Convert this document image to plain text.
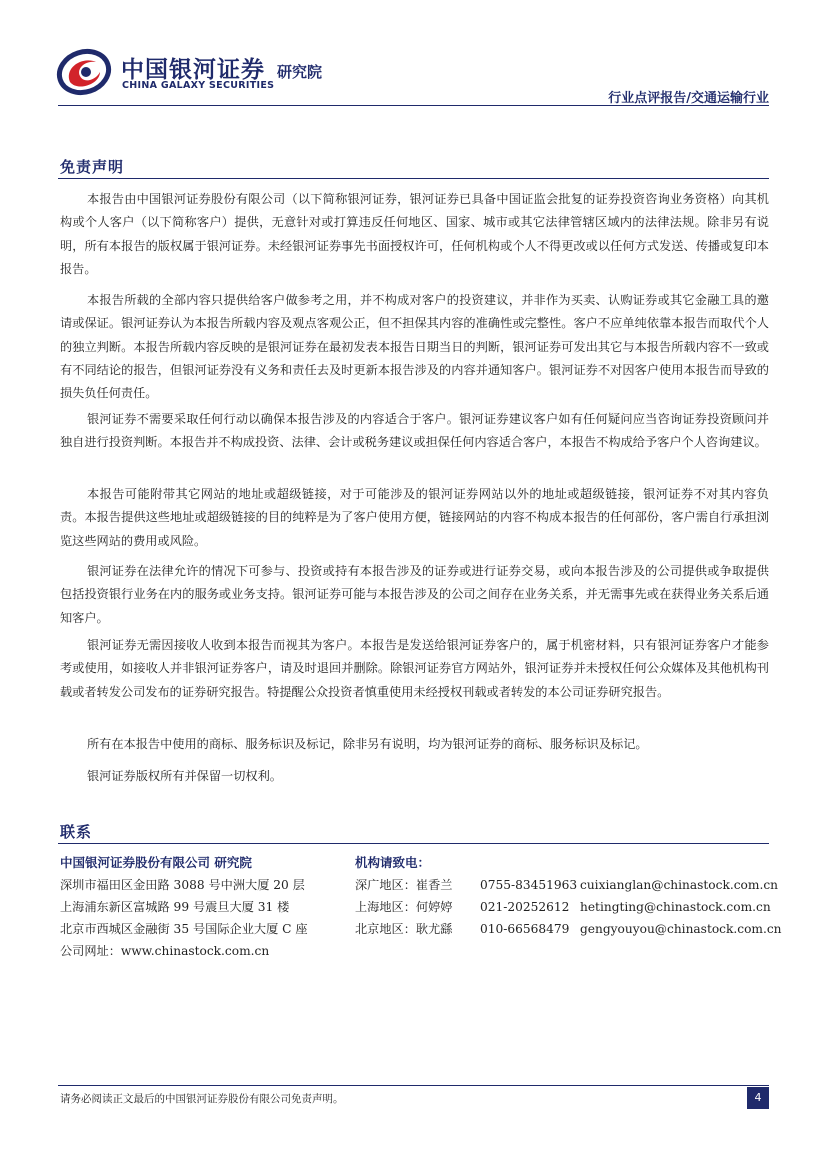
中国银河证券 研究院
CHINA GALAXY SECURITIES
行业点评报告/交通运输行业
免责声明

本报告由中国银河证券股份有限公司（以下简称银河证券，银河证券已具备中国证监会批复的证券投资咨询业务资格）向其机构或个人客户（以下简称客户）提供，无意针对或打算违反任何地区、国家、城市或其它法律管辖区域内的法律法规。除非另有说明，所有本报告的版权属于银河证券。未经银河证券事先书面授权许可，任何机构或个人不得更改或以任何方式发送、传播或复印本报告。

本报告所载的全部内容只提供给客户做参考之用，并不构成对客户的投资建议，并非作为买卖、认购证券或其它金融工具的邀请或保证。银河证券认为本报告所载内容及观点客观公正，但不担保其内容的准确性或完整性。客户不应单纯依靠本报告而取代个人的独立判断。本报告所载内容反映的是银河证券在最初发表本报告日期当日的判断，银河证券可发出其它与本报告所载内容不一致或有不同结论的报告，但银河证券没有义务和责任去及时更新本报告涉及的内容并通知客户。银河证券不对因客户使用本报告而导致的损失负任何责任。

银河证券不需要采取任何行动以确保本报告涉及的内容适合于客户。银河证券建议客户如有任何疑问应当咨询证券投资顾问并独自进行投资判断。本报告并不构成投资、法律、会计或税务建议或担保任何内容适合客户，本报告不构成给予客户个人咨询建议。

本报告可能附带其它网站的地址或超级链接，对于可能涉及的银河证券网站以外的地址或超级链接，银河证券不对其内容负责。本报告提供这些地址或超级链接的目的纯粹是为了客户使用方便，链接网站的内容不构成本报告的任何部份，客户需自行承担浏览这些网站的费用或风险。

银河证券在法律允许的情况下可参与、投资或持有本报告涉及的证券或进行证券交易，或向本报告涉及的公司提供或争取提供包括投资银行业务在内的服务或业务支持。银河证券可能与本报告涉及的公司之间存在业务关系，并无需事先或在获得业务关系后通知客户。

银河证券无需因接收人收到本报告而视其为客户。本报告是发送给银河证券客户的，属于机密材料，只有银河证券客户才能参考或使用，如接收人并非银河证券客户，请及时退回并删除。除银河证券官方网站外，银河证券并未授权任何公众媒体及其他机构刊载或者转发公司发布的证券研究报告。特提醒公众投资者慎重使用未经授权刊载或者转发的本公司证券研究报告。

所有在本报告中使用的商标、服务标识及标记，除非另有说明，均为银河证券的商标、服务标识及标记。

银河证券版权所有并保留一切权利。

联系
中国银河证券股份有限公司 研究院
深圳市福田区金田路 3088 号中洲大厦 20 层
上海浦东新区富城路 99 号震旦大厦 31 楼
北京市西城区金融街 35 号国际企业大厦 C 座
公司网址：www.chinastock.com.cn
机构请致电：
深广地区：崔香兰 0755-83451963 cuixianglan@chinastock.com.cn
上海地区：何婷婷 021-20252612 hetingting@chinastock.com.cn
北京地区：耿尤繇 010-66568479 gengyouyou@chinastock.com.cn
请务必阅读正文最后的中国银河证券股份有限公司免责声明。	4
